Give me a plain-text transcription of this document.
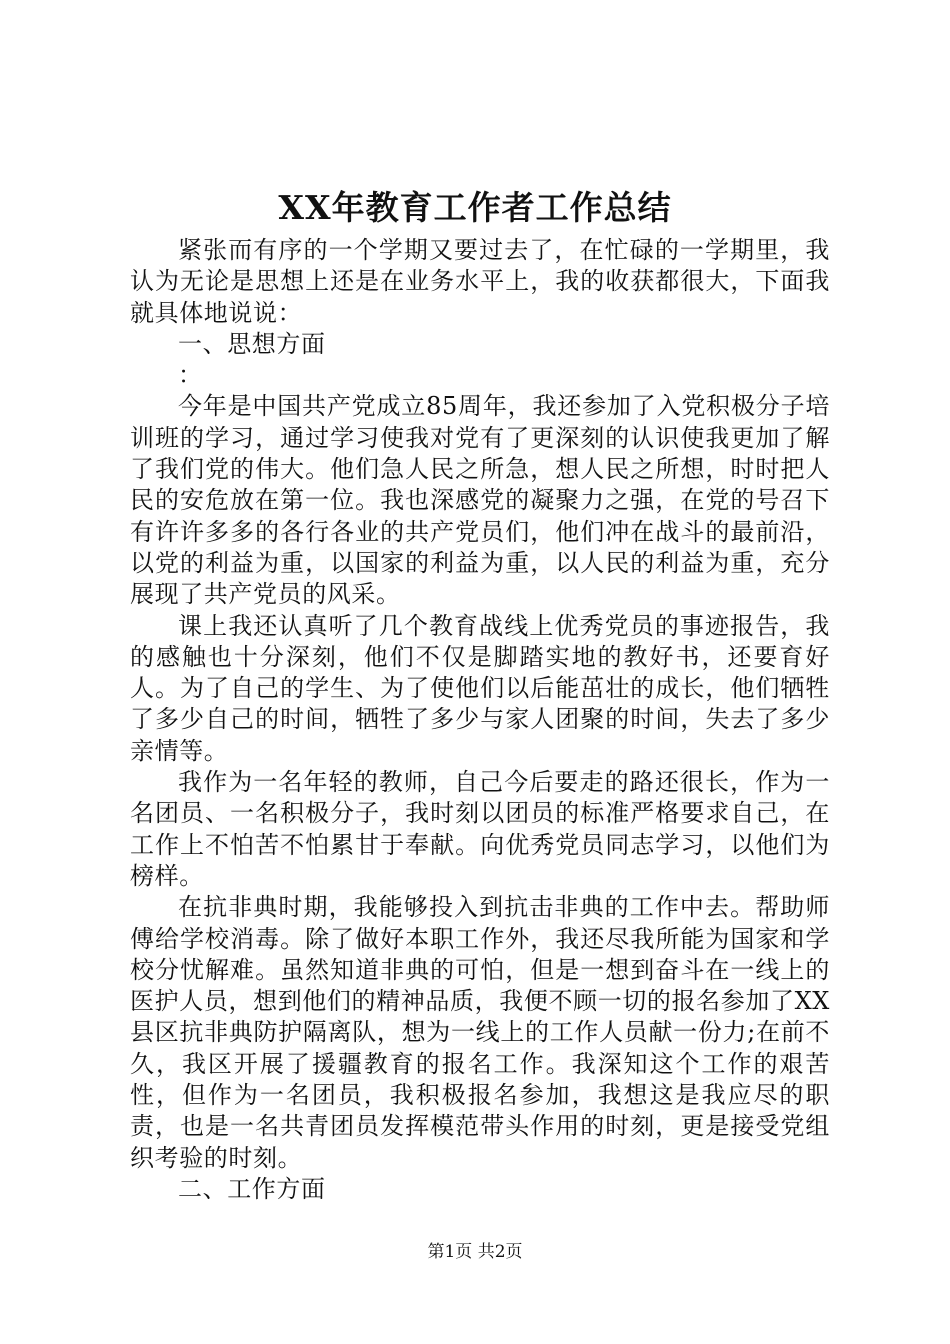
XX年教育工作者工作总结

紧张而有序的一个学期又要过去了，在忙碌的一学期里，我认为无论是思想上还是在业务水平上，我的收获都很大，下面我就具体地说说：

一、思想方面

：

今年是中国共产党成立85周年，我还参加了入党积极分子培训班的学习，通过学习使我对党有了更深刻的认识使我更加了解了我们党的伟大。他们急人民之所急，想人民之所想，时时把人民的安危放在第一位。我也深感党的凝聚力之强，在党的号召下有许许多多的各行各业的共产党员们，他们冲在战斗的最前沿，以党的利益为重，以国家的利益为重，以人民的利益为重，充分展现了共产党员的风采。

课上我还认真听了几个教育战线上优秀党员的事迹报告，我的感触也十分深刻，他们不仅是脚踏实地的教好书，还要育好人。为了自己的学生、为了使他们以后能茁壮的成长，他们牺牲了多少自己的时间，牺牲了多少与家人团聚的时间，失去了多少亲情等。

我作为一名年轻的教师，自己今后要走的路还很长，作为一名团员、一名积极分子，我时刻以团员的标准严格要求自己，在工作上不怕苦不怕累甘于奉献。向优秀党员同志学习，以他们为榜样。

在抗非典时期，我能够投入到抗击非典的工作中去。帮助师傅给学校消毒。除了做好本职工作外，我还尽我所能为国家和学校分忧解难。虽然知道非典的可怕，但是一想到奋斗在一线上的医护人员，想到他们的精神品质，我便不顾一切的报名参加了XX县区抗非典防护隔离队，想为一线上的工作人员献一份力;在前不久，我区开展了援疆教育的报名工作。我深知这个工作的艰苦性，但作为一名团员，我积极报名参加，我想这是我应尽的职责，也是一名共青团员发挥模范带头作用的时刻，更是接受党组织考验的时刻。

二、工作方面

第1页 共2页
